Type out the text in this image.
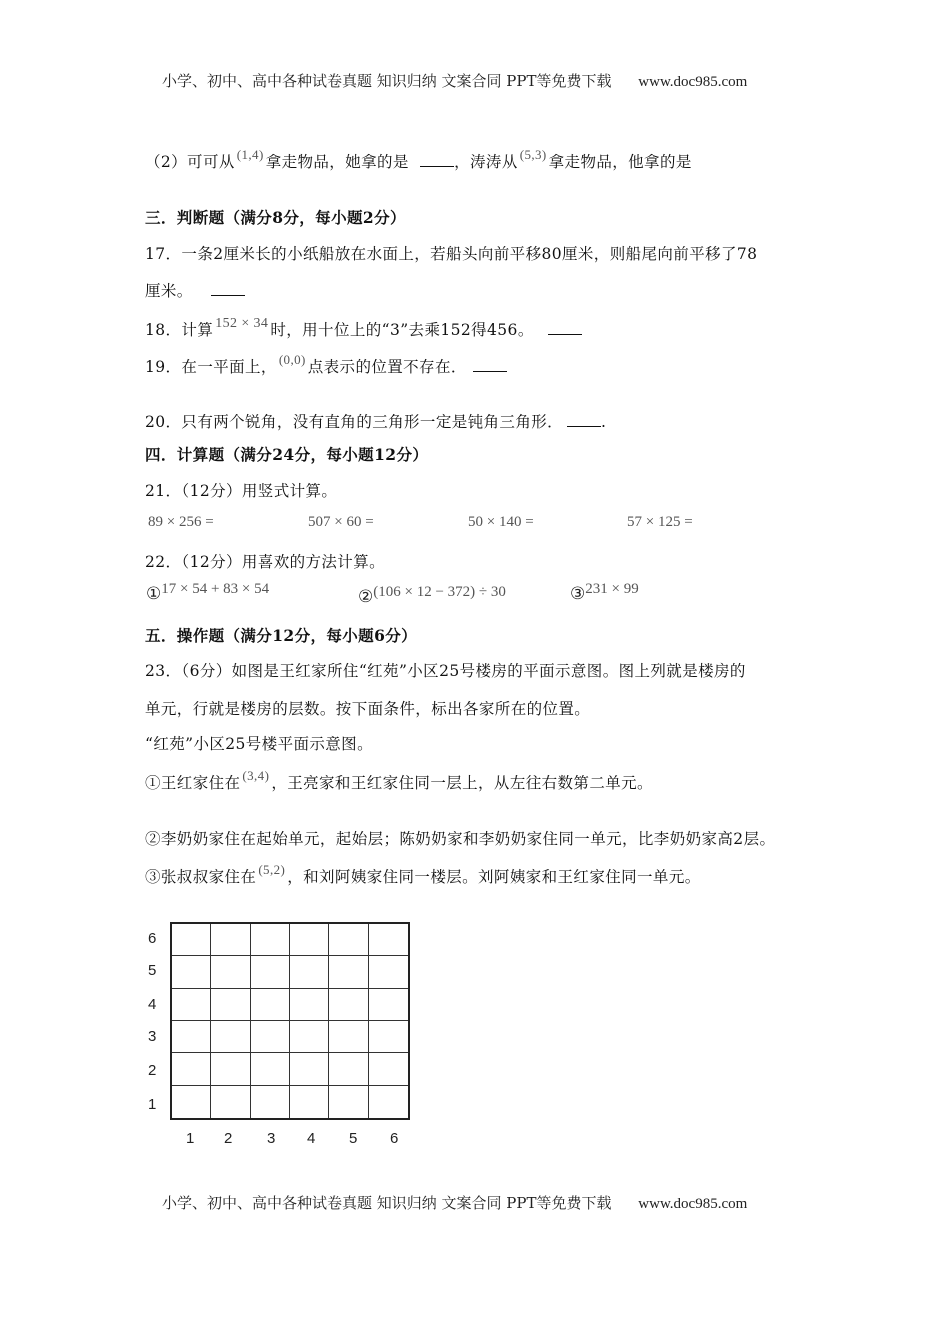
小学、初中、高中各种试卷真题 知识归纳 文案合同 PPT等免费下载 www.doc985.com
（2）可可从 $^{(1,4)}$ 拿走物品，她拿的是	，涛涛从 $^{(5,3)}$ 拿走物品，他拿的是
三．判断题（满分8分，每小题2分）
17．一条2厘米长的小纸船放在水面上，若船头向前平移80厘米，则船尾向前平移了78
厘米。
18．计算 152 × 34 时，用十位上的“3”去乘152得456。
19．在一平面上， $^{(0,0)}$ 点表示的位置不存在．
20．只有两个锐角，没有直角的三角形一定是钝角三角形． .
四．计算题（满分24分，每小题12分）
21．（12分）用竖式计算。
89 × 256 =	507 × 60 =	50 × 140 =	57 × 125 =
22．（12分）用喜欢的方法计算。
①17 × 54 + 83 × 54	②(106 × 12 − 372) ÷ 30	③231 × 99
五．操作题（满分12分，每小题6分）
23．（6分）如图是王红家所住“红苑”小区25号楼房的平面示意图。图上列就是楼房的
单元，行就是楼房的层数。按下面条件，标出各家所在的位置。
“红苑”小区25号楼平面示意图。
①王红家住在 $^{(3,4)}$ ，王亮家和王红家住同一层上，从左往右数第二单元。
②李奶奶家住在起始单元，起始层；陈奶奶家和李奶奶家住同一单元，比李奶奶家高2层。
③张叔叔家住在 $^{(5,2)}$ ，和刘阿姨家住同一楼层。刘阿姨家和王红家住同一单元。
6
5
4
3
2
1
1 2 3 4 5 6
小学、初中、高中各种试卷真题 知识归纳 文案合同 PPT等免费下载 www.doc985.com
